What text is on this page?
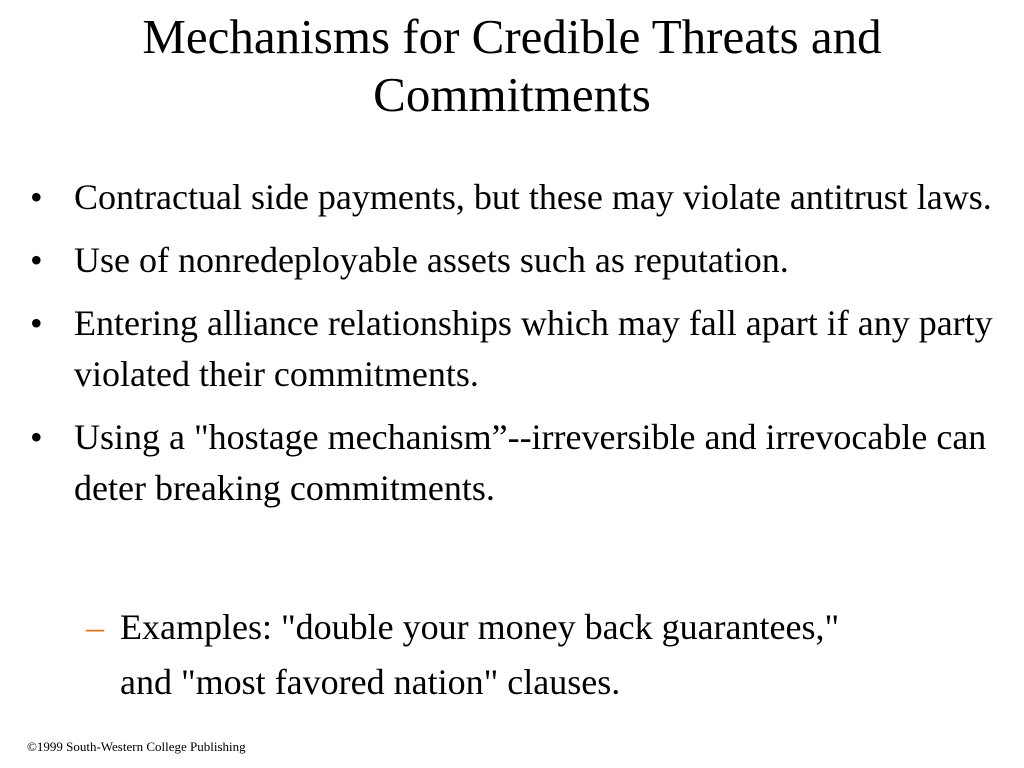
Mechanisms for Credible Threats and Commitments
• Contractual side payments, but these may violate antitrust laws.
• Use of nonredeployable assets such as reputation.
• Entering alliance relationships which may fall apart if any party violated their commitments.
• Using a "hostage mechanism”--irreversible and irrevocable can deter breaking commitments.
– Examples: "double your money back guarantees," and "most favored nation" clauses.
©1999 South-Western College Publishing
